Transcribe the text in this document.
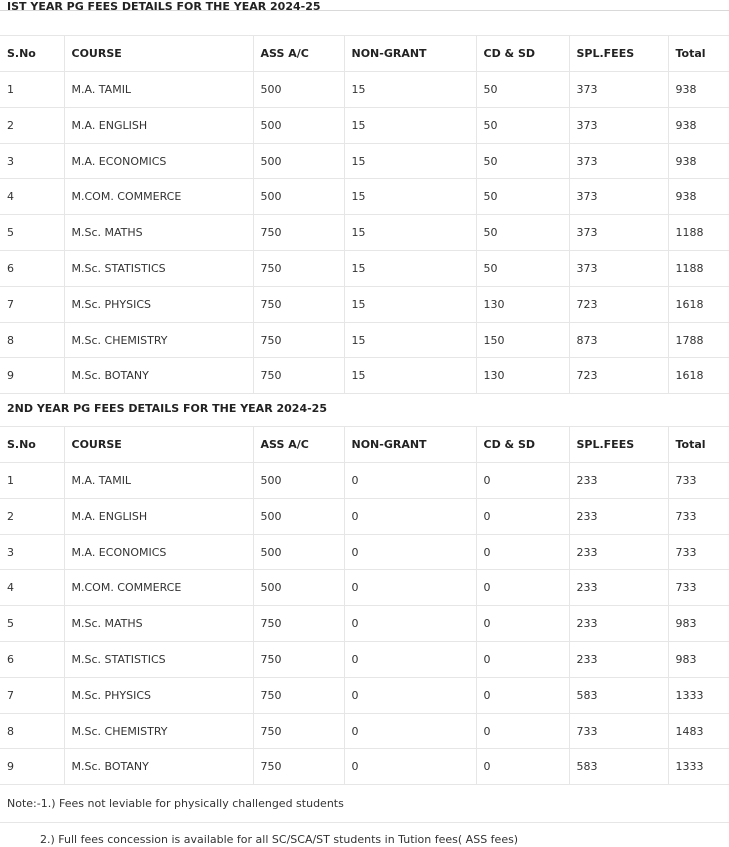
IST YEAR PG FEES DETAILS FOR THE YEAR 2024-25						
S.No	COURSE	ASS A/C	NON-GRANT	CD & SD	SPL.FEES	Total
1	M.A. TAMIL	500	15	50	373	938
2	M.A. ENGLISH	500	15	50	373	938
3	M.A. ECONOMICS	500	15	50	373	938
4	M.COM. COMMERCE	500	15	50	373	938
5	M.Sc. MATHS	750	15	50	373	1188
6	M.Sc. STATISTICS	750	15	50	373	1188
7	M.Sc. PHYSICS	750	15	130	723	1618
8	M.Sc. CHEMISTRY	750	15	150	873	1788
9	M.Sc. BOTANY	750	15	130	723	1618
2ND YEAR PG FEES DETAILS FOR THE YEAR 2024-25						
S.No	COURSE	ASS A/C	NON-GRANT	CD & SD	SPL.FEES	Total
1	M.A. TAMIL	500	0	0	233	733
2	M.A. ENGLISH	500	0	0	233	733
3	M.A. ECONOMICS	500	0	0	233	733
4	M.COM. COMMERCE	500	0	0	233	733
5	M.Sc. MATHS	750	0	0	233	983
6	M.Sc. STATISTICS	750	0	0	233	983
7	M.Sc. PHYSICS	750	0	0	583	1333
8	M.Sc. CHEMISTRY	750	0	0	733	1483
9	M.Sc. BOTANY	750	0	0	583	1333
Note:-1.) Fees not leviable for physically challenged students
2.) Full fees concession is available for all SC/SCA/ST students in Tution fees( ASS fees)
